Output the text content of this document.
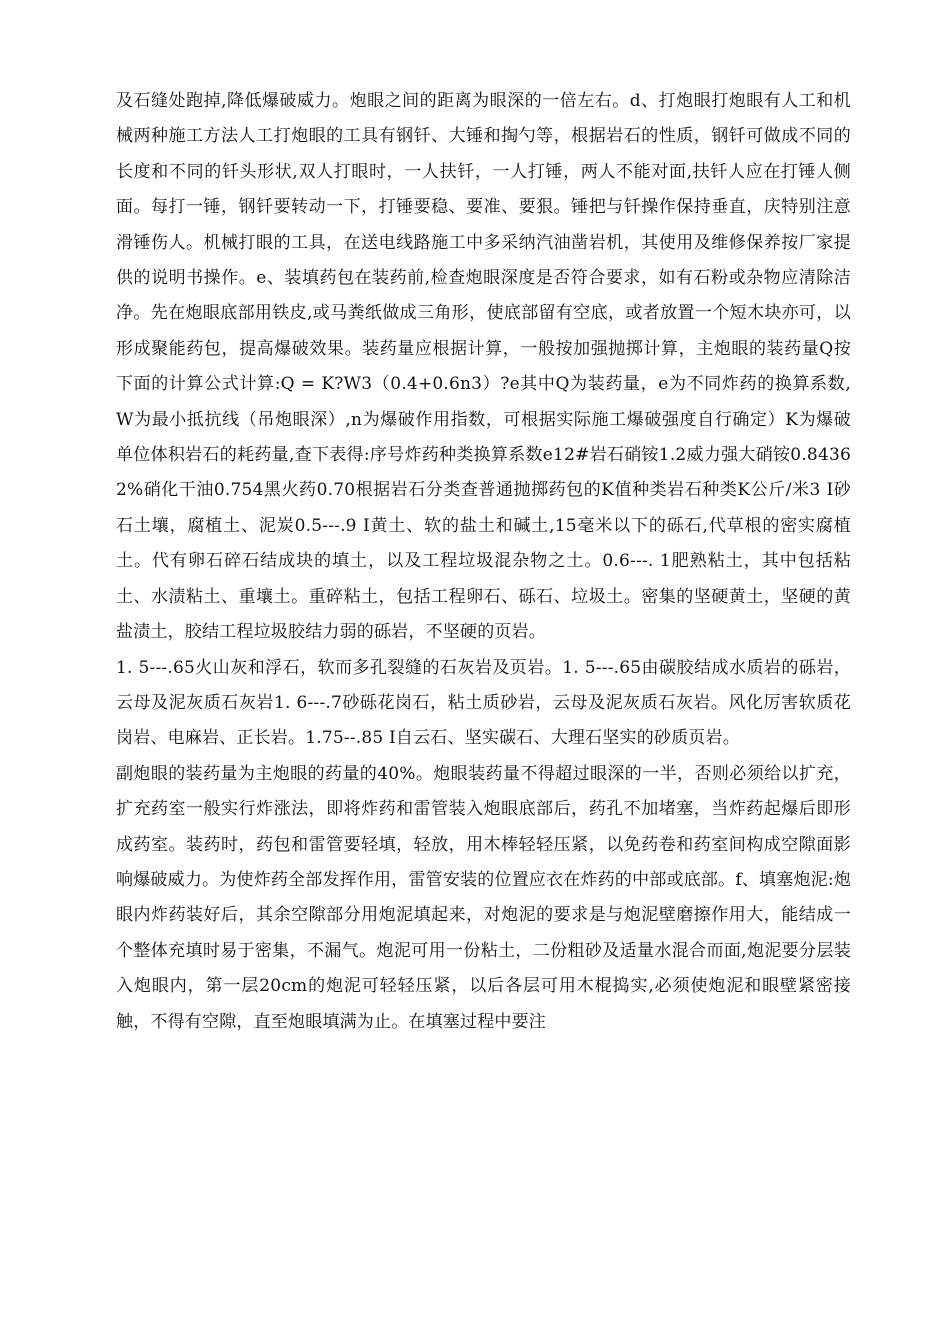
及石缝处跑掉,降低爆破威力。炮眼之间的距离为眼深的一倍左右。d、打炮眼打炮眼有人工和机械两种施工方法人工打炮眼的工具有钢钎、大锤和掏勺等，根据岩石的性质，钢钎可做成不同的长度和不同的钎头形状,双人打眼时，一人扶钎，一人打锤，两人不能对面,扶钎人应在打锤人侧面。每打一锤，钢钎要转动一下，打锤要稳、要准、要狠。锤把与钎操作保持垂直，庆特别注意滑锤伤人。机械打眼的工具，在送电线路施工中多采纳汽油凿岩机，其使用及维修保养按厂家提供的说明书操作。e、装填药包在装药前,检查炮眼深度是否符合要求，如有石粉或杂物应清除洁净。先在炮眼底部用铁皮,或马粪纸做成三角形，使底部留有空底，或者放置一个短木块亦可，以形成聚能药包，提高爆破效果。装药量应根据计算，一般按加强抛掷计算，主炮眼的装药量Q按下面的计算公式计算:Q = K?W3（0.4+0.6n3）?e其中Q为装药量，e为不同炸药的换算系数,W为最小抵抗线（吊炮眼深）,n为爆破作用指数，可根据实际施工爆破强度自行确定）K为爆破单位体积岩石的耗药量,查下表得:序号炸药种类换算系数e12#岩石硝铵1.2威力强大硝铵0.84362%硝化干油0.754黑火药0.70根据岩石分类查普通抛掷药包的K值种类岩石种类K公斤/米3 Ⅰ砂石土壤，腐植土、泥炭0.5---.9 Ⅰ黄土、软的盐土和碱土,15毫米以下的砾石,代草根的密实腐植土。代有卵石碎石结成块的填土，以及工程垃圾混杂物之土。0.6---. 1肥熟粘土，其中包括粘土、水渍粘土、重壤土。重碎粘土，包括工程卵石、砾石、垃圾土。密集的坚硬黄土，坚硬的黄盐渍土，胶结工程垃圾胶结力弱的砾岩，不坚硬的页岩。

1. 5---.65火山灰和浮石，软而多孔裂缝的石灰岩及页岩。1. 5---.65由碳胶结成水质岩的砾岩，云母及泥灰质石灰岩1. 6---.7砂砾花岗石，粘土质砂岩，云母及泥灰质石灰岩。风化厉害软质花岗岩、电麻岩、正长岩。1.75--.85 Ⅰ自云石、坚实碳石、大理石坚实的砂质页岩。

副炮眼的装药量为主炮眼的药量的40%。炮眼装药量不得超过眼深的一半，否则必须给以扩充，扩充药室一般实行炸涨法，即将炸药和雷管装入炮眼底部后，药孔不加堵塞，当炸药起爆后即形成药室。装药时，药包和雷管要轻填，轻放，用木棒轻轻压紧，以免药卷和药室间构成空隙面影响爆破威力。为使炸药全部发挥作用，雷管安装的位置应衣在炸药的中部或底部。f、填塞炮泥:炮眼内炸药装好后，其余空隙部分用炮泥填起来，对炮泥的要求是与炮泥壁磨擦作用大，能结成一个整体充填时易于密集，不漏气。炮泥可用一份粘土，二份粗砂及适量水混合而面,炮泥要分层装入炮眼内，第一层20cm的炮泥可轻轻压紧，以后各层可用木棍捣实,必须使炮泥和眼壁紧密接触，不得有空隙，直至炮眼填满为止。在填塞过程中要注
